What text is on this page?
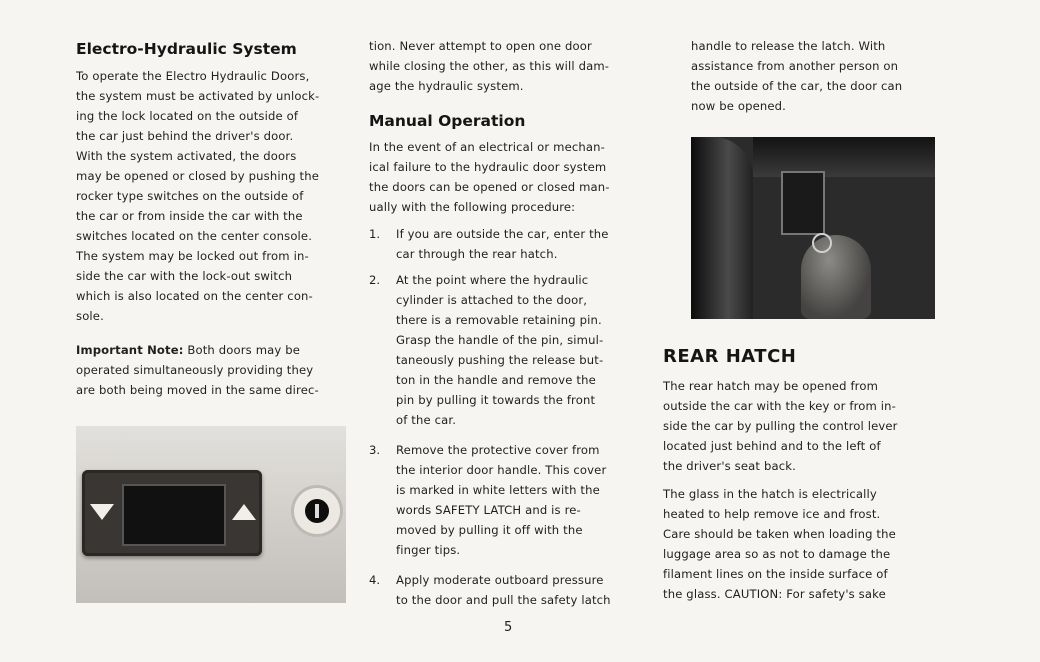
Electro-Hydraulic System
To operate the Electro Hydraulic Doors,
the system must be activated by unlock-
ing the lock located on the outside of
the car just behind the driver's door.
With the system activated, the doors
may be opened or closed by pushing the
rocker type switches on the outside of
the car or from inside the car with the
switches located on the center console.
The system may be locked out from in-
side the car with the lock-out switch
which is also located on the center con-
sole.
Important Note: Both doors may be
operated simultaneously providing they
are both being moved in the same direc-
tion. Never attempt to open one door
while closing the other, as this will dam-
age the hydraulic system.
Manual Operation
In the event of an electrical or mechan-
ical failure to the hydraulic door system
the doors can be opened or closed man-
ually with the following procedure:
1.	If you are outside the car, enter the
car through the rear hatch.
2.	At the point where the hydraulic
cylinder is attached to the door,
there is a removable retaining pin.
Grasp the handle of the pin, simul-
taneously pushing the release but-
ton in the handle and remove the
pin by pulling it towards the front
of the car.
3.	Remove the protective cover from
the interior door handle. This cover
is marked in white letters with the
words SAFETY LATCH and is re-
moved by pulling it off with the
finger tips.
4.	Apply moderate outboard pressure
to the door and pull the safety latch
handle to release the latch. With
assistance from another person on
the outside of the car, the door can
now be opened.
REAR HATCH
The rear hatch may be opened from
outside the car with the key or from in-
side the car by pulling the control lever
located just behind and to the left of
the driver's seat back.
The glass in the hatch is electrically
heated to help remove ice and frost.
Care should be taken when loading the
luggage area so as not to damage the
filament lines on the inside surface of
the glass. CAUTION: For safety's sake
5
